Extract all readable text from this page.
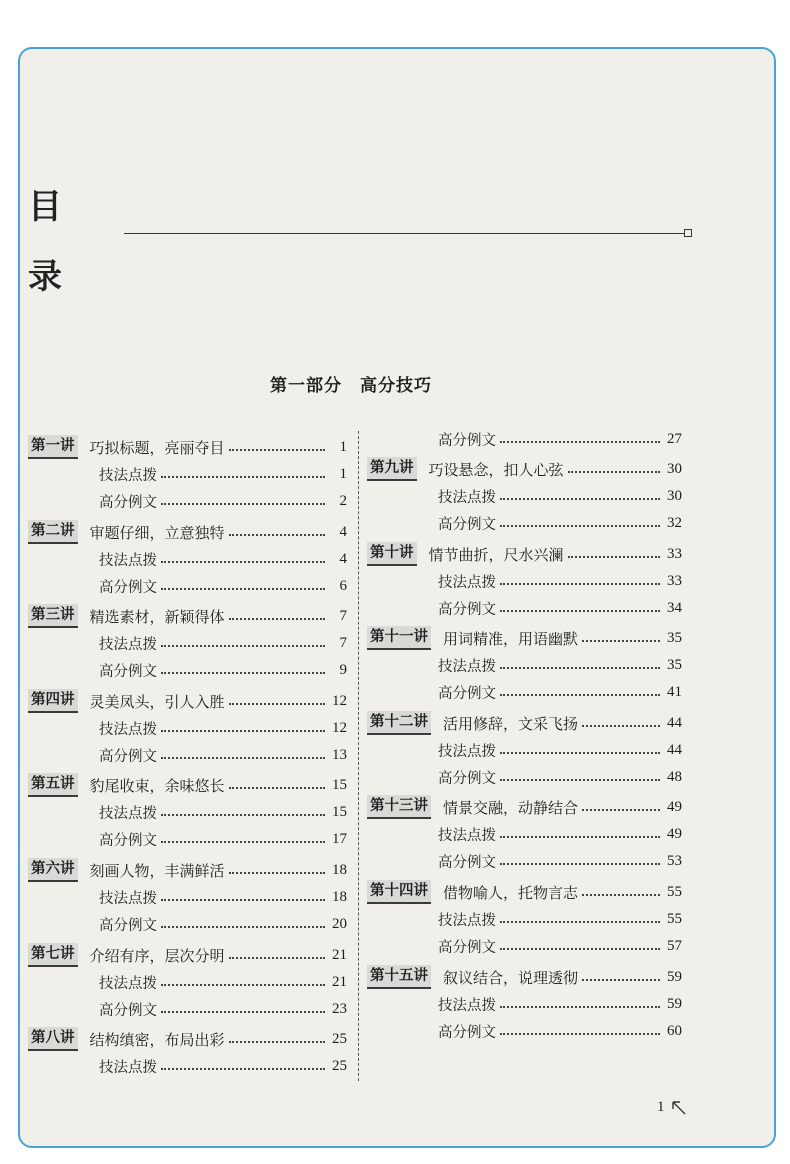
目
录
第一部分　高分技巧
第一讲 巧拟标题，亮丽夺目	1
技法点拨	1
高分例文	2
第二讲 审题仔细，立意独特	4
技法点拨	4
高分例文	6
第三讲 精选素材，新颖得体	7
技法点拨	7
高分例文	9
第四讲 灵美凤头，引人入胜	12
技法点拨	12
高分例文	13
第五讲 豹尾收束，余味悠长	15
技法点拨	15
高分例文	17
第六讲 刻画人物，丰满鲜活	18
技法点拨	18
高分例文	20
第七讲 介绍有序，层次分明	21
技法点拨	21
高分例文	23
第八讲 结构缜密，布局出彩	25
技法点拨	25
高分例文	27
第九讲 巧设悬念，扣人心弦	30
技法点拨	30
高分例文	32
第十讲 情节曲折，尺水兴澜	33
技法点拨	33
高分例文	34
第十一讲 用词精准，用语幽默	35
技法点拨	35
高分例文	41
第十二讲 活用修辞，文采飞扬	44
技法点拨	44
高分例文	48
第十三讲 情景交融，动静结合	49
技法点拨	49
高分例文	53
第十四讲 借物喻人，托物言志	55
技法点拨	55
高分例文	57
第十五讲 叙议结合，说理透彻	59
技法点拨	59
高分例文	60
1
